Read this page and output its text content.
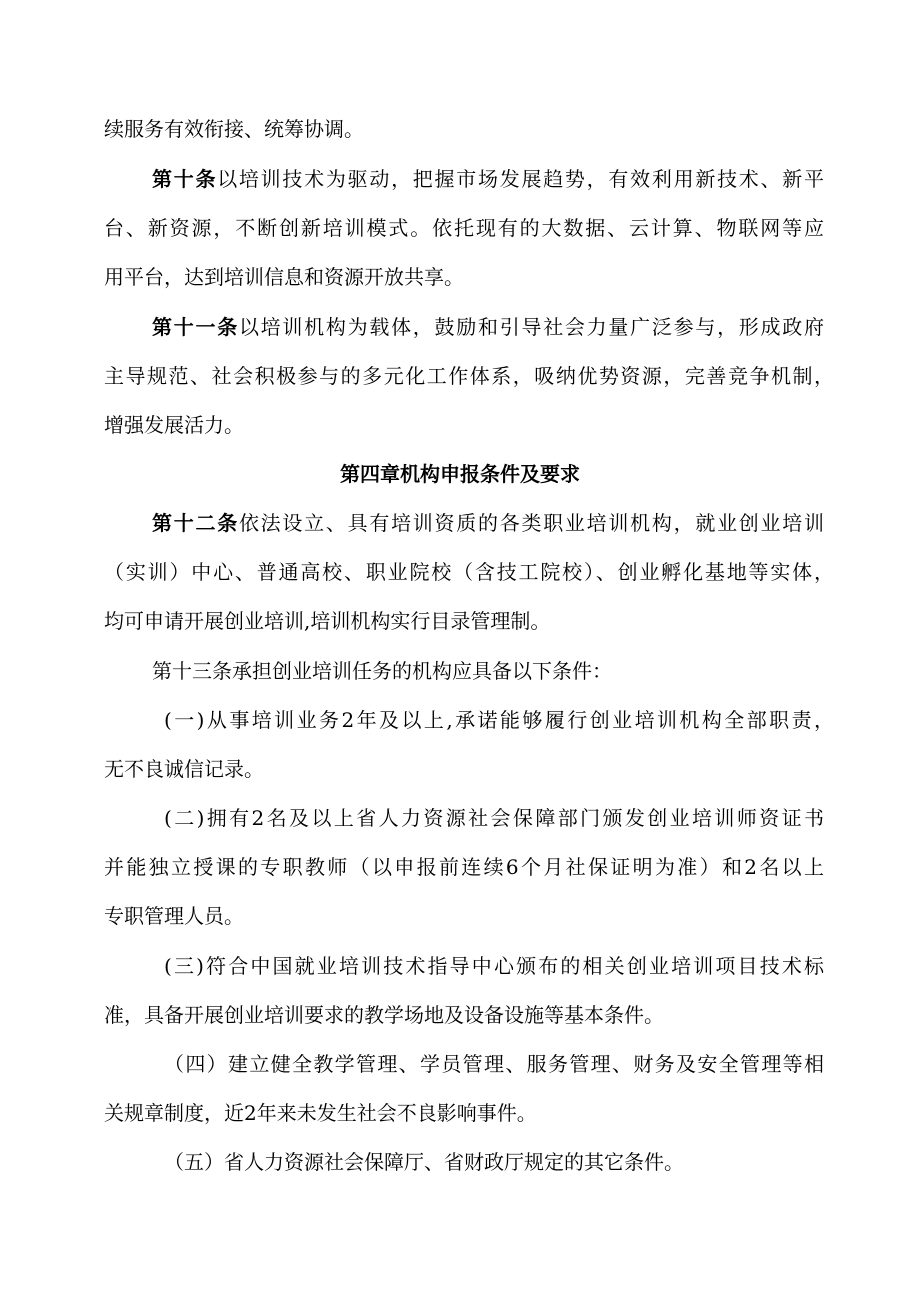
续服务有效衔接、统筹协调。
第十条以培训技术为驱动，把握市场发展趋势，有效利用新技术、新平
台、新资源，不断创新培训模式。依托现有的大数据、云计算、物联网等应
用平台，达到培训信息和资源开放共享。
第十一条以培训机构为载体，鼓励和引导社会力量广泛参与，形成政府
主导规范、社会积极参与的多元化工作体系，吸纳优势资源，完善竞争机制，
增强发展活力。
第四章机构申报条件及要求
第十二条依法设立、具有培训资质的各类职业培训机构，就业创业培训
（实训）中心、普通高校、职业院校（含技工院校）、创业孵化基地等实体，
均可申请开展创业培训,培训机构实行目录管理制。
第十三条承担创业培训任务的机构应具备以下条件：
(一)从事培训业务2年及以上,承诺能够履行创业培训机构全部职责，
无不良诚信记录。
(二)拥有2名及以上省人力资源社会保障部门颁发创业培训师资证书
并能独立授课的专职教师（以申报前连续6个月社保证明为准）和2名以上
专职管理人员。
(三)符合中国就业培训技术指导中心颁布的相关创业培训项目技术标
准，具备开展创业培训要求的教学场地及设备设施等基本条件。
（四）建立健全教学管理、学员管理、服务管理、财务及安全管理等相
关规章制度，近2年来未发生社会不良影响事件。
（五）省人力资源社会保障厅、省财政厅规定的其它条件。
